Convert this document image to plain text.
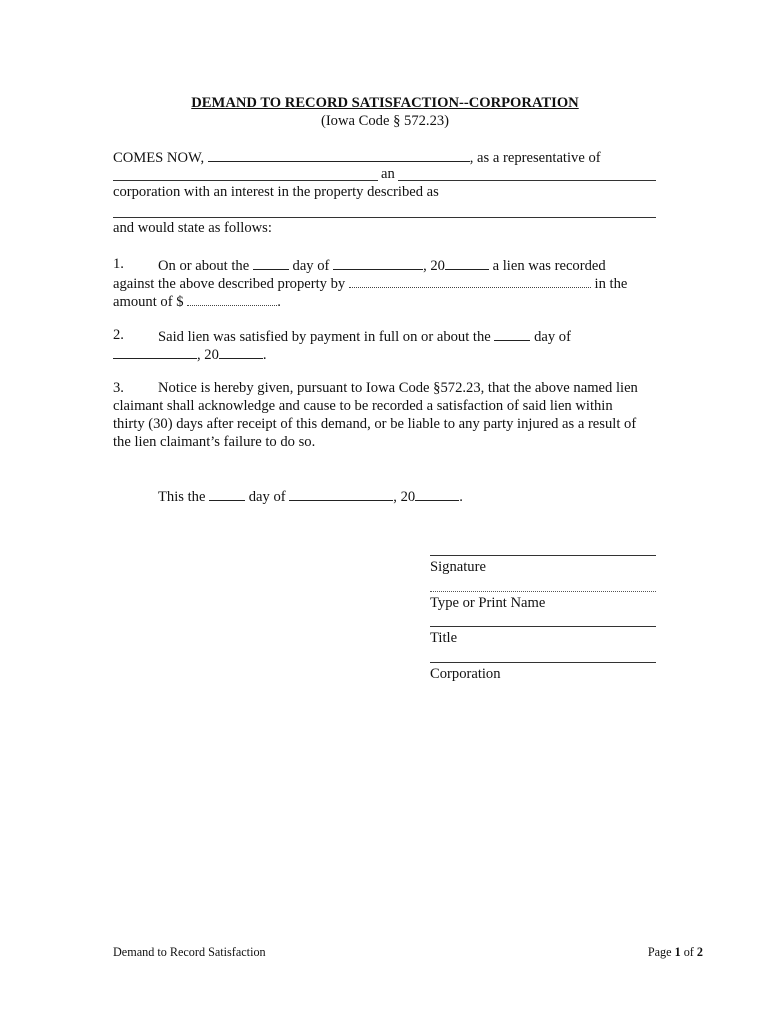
DEMAND TO RECORD SATISFACTION--CORPORATION
(Iowa Code § 572.23)
COMES NOW,	, as a representative of
an
corporation with an interest in the property described as
and would state as follows:
1. On or about the	day of	, 20	a lien was recorded
against the above described property by	in the
amount of $	.
2. Said lien was satisfied by payment in full on or about the	day of
, 20	.
3. Notice is hereby given, pursuant to Iowa Code §572.23, that the above named lien
claimant shall acknowledge and cause to be recorded a satisfaction of said lien within
thirty (30) days after receipt of this demand, or be liable to any party injured as a result of
the lien claimant’s failure to do so.
This the	day of	, 20	.
Signature
Type or Print Name
Title
Corporation
Demand to Record Satisfaction	Page 1 of 2
